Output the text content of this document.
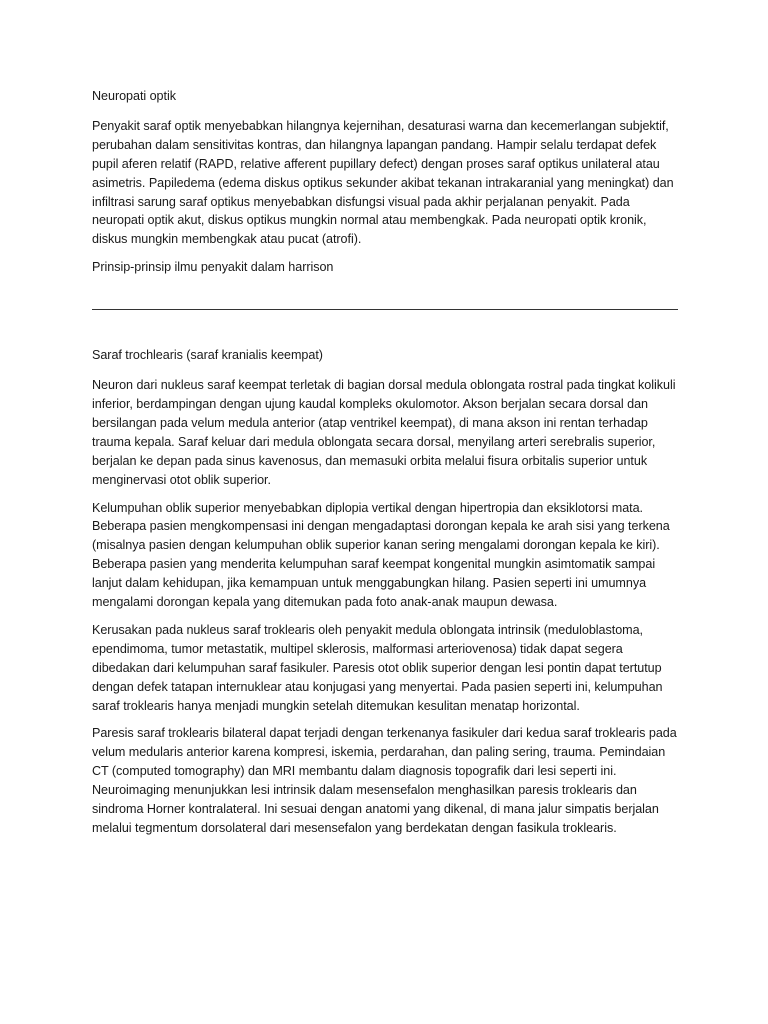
Neuropati optik

Penyakit saraf optik menyebabkan hilangnya kejernihan, desaturasi warna dan kecemerlangan subjektif, perubahan dalam sensitivitas kontras, dan hilangnya lapangan pandang. Hampir selalu terdapat defek pupil aferen relatif (RAPD, relative afferent pupillary defect) dengan proses saraf optikus unilateral atau asimetris. Papiledema (edema diskus optikus sekunder akibat tekanan intrakaranial yang meningkat) dan infiltrasi sarung saraf optikus menyebabkan disfungsi visual pada akhir perjalanan penyakit. Pada neuropati optik akut, diskus optikus mungkin normal atau membengkak. Pada neuropati optik kronik, diskus mungkin membengkak atau pucat (atrofi).

Prinsip-prinsip ilmu penyakit dalam harrison

Saraf trochlearis (saraf kranialis keempat)

Neuron dari nukleus saraf keempat terletak di bagian dorsal medula oblongata rostral pada tingkat kolikuli inferior, berdampingan dengan ujung kaudal kompleks okulomotor. Akson berjalan secara dorsal dan bersilangan pada velum medula anterior (atap ventrikel keempat), di mana akson ini rentan terhadap trauma kepala. Saraf keluar dari medula oblongata secara dorsal, menyilang arteri serebralis superior, berjalan ke depan pada sinus kavenosus, dan memasuki orbita melalui fisura orbitalis superior untuk menginervasi otot oblik superior.

Kelumpuhan oblik superior menyebabkan diplopia vertikal dengan hipertropia dan eksiklotorsi mata. Beberapa pasien mengkompensasi ini dengan mengadaptasi dorongan kepala ke arah sisi yang terkena (misalnya pasien dengan kelumpuhan oblik superior kanan sering mengalami dorongan kepala ke kiri). Beberapa pasien yang menderita kelumpuhan saraf keempat kongenital mungkin asimtomatik sampai lanjut dalam kehidupan, jika kemampuan untuk menggabungkan hilang. Pasien seperti ini umumnya mengalami dorongan kepala yang ditemukan pada foto anak-anak maupun dewasa.

Kerusakan pada nukleus saraf troklearis oleh penyakit medula oblongata intrinsik (meduloblastoma, ependimoma, tumor metastatik, multipel sklerosis, malformasi arteriovenosa) tidak dapat segera dibedakan dari kelumpuhan saraf fasikuler. Paresis otot oblik superior dengan lesi pontin dapat tertutup dengan defek tatapan internuklear atau konjugasi yang menyertai. Pada pasien seperti ini, kelumpuhan saraf troklearis hanya menjadi mungkin setelah ditemukan kesulitan menatap horizontal.

Paresis saraf troklearis bilateral dapat terjadi dengan terkenanya fasikuler dari kedua saraf troklearis pada velum medularis anterior karena kompresi, iskemia, perdarahan, dan paling sering, trauma. Pemindaian CT (computed tomography) dan MRI membantu dalam diagnosis topografik dari lesi seperti ini. Neuroimaging menunjukkan lesi intrinsik dalam mesensefalon menghasilkan paresis troklearis dan sindroma Horner kontralateral. Ini sesuai dengan anatomi yang dikenal, di mana jalur simpatis berjalan melalui tegmentum dorsolateral dari mesensefalon yang berdekatan dengan fasikula troklearis.
